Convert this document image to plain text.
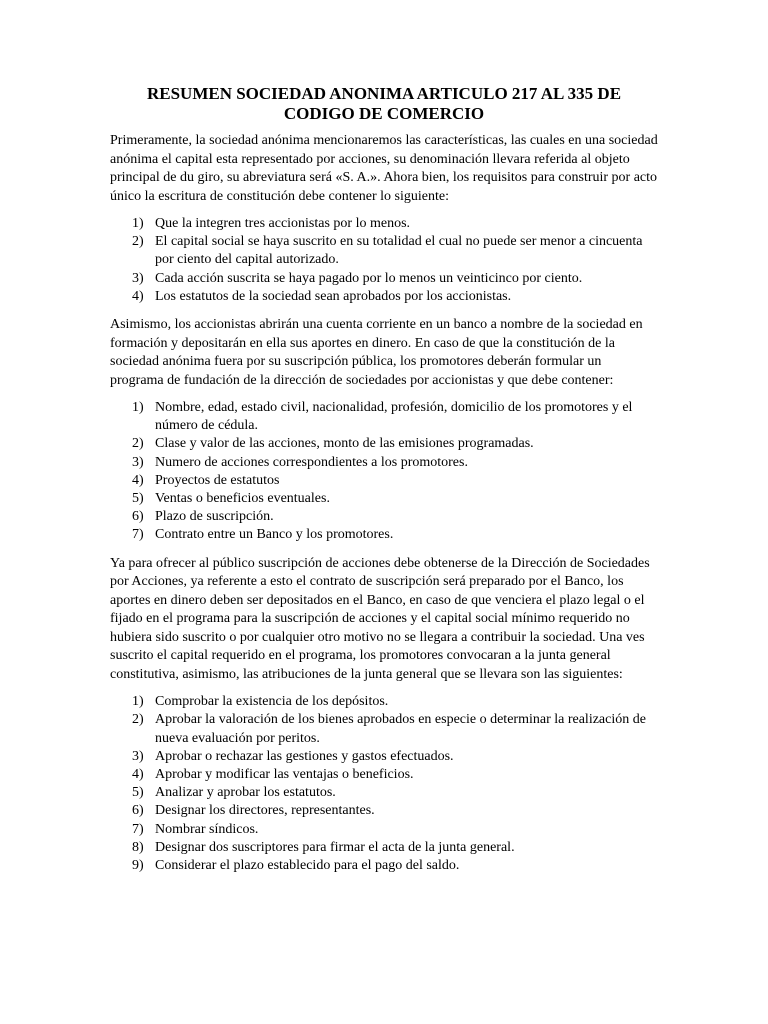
RESUMEN SOCIEDAD ANONIMA ARTICULO 217 AL 335 DE CODIGO DE COMERCIO

Primeramente, la sociedad anónima mencionaremos las características, las cuales en una sociedad anónima el capital esta representado por acciones, su denominación llevara referida al objeto principal de du giro, su abreviatura será «S. A.». Ahora bien, los requisitos para construir por acto único la escritura de constitución debe contener lo siguiente:

1) Que la integren tres accionistas por lo menos.
2) El capital social se haya suscrito en su totalidad el cual no puede ser menor a cincuenta por ciento del capital autorizado.
3) Cada acción suscrita se haya pagado por lo menos un veinticinco por ciento.
4) Los estatutos de la sociedad sean aprobados por los accionistas.

Asimismo, los accionistas abrirán una cuenta corriente en un banco a nombre de la sociedad en formación y depositarán en ella sus aportes en dinero. En caso de que la constitución de la sociedad anónima fuera por su suscripción pública, los promotores deberán formular un programa de fundación de la dirección de sociedades por accionistas y que debe contener:

1) Nombre, edad, estado civil, nacionalidad, profesión, domicilio de los promotores y el número de cédula.
2) Clase y valor de las acciones, monto de las emisiones programadas.
3) Numero de acciones correspondientes a los promotores.
4) Proyectos de estatutos
5) Ventas o beneficios eventuales.
6) Plazo de suscripción.
7) Contrato entre un Banco y los promotores.

Ya para ofrecer al público suscripción de acciones debe obtenerse de la Dirección de Sociedades por Acciones, ya referente a esto el contrato de suscripción será preparado por el Banco, los aportes en dinero deben ser depositados en el Banco, en caso de que venciera el plazo legal o el fijado en el programa para la suscripción de acciones y el capital social mínimo requerido no hubiera sido suscrito o por cualquier otro motivo no se llegara a contribuir la sociedad. Una ves suscrito el capital requerido en el programa, los promotores convocaran a la junta general constitutiva, asimismo, las atribuciones de la junta general que se llevara son las siguientes:

1) Comprobar la existencia de los depósitos.
2) Aprobar la valoración de los bienes aprobados en especie o determinar la realización de nueva evaluación por peritos.
3) Aprobar o rechazar las gestiones y gastos efectuados.
4) Aprobar y modificar las ventajas o beneficios.
5) Analizar y aprobar los estatutos.
6) Designar los directores, representantes.
7) Nombrar síndicos.
8) Designar dos suscriptores para firmar el acta de la junta general.
9) Considerar el plazo establecido para el pago del saldo.
